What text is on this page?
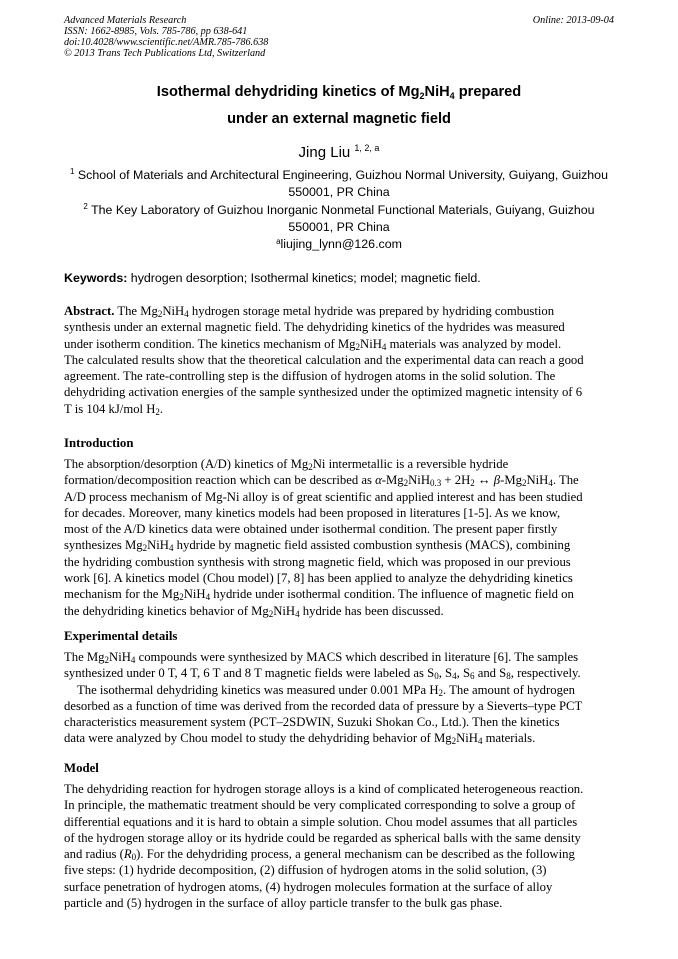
Advanced Materials Research
ISSN: 1662-8985, Vols. 785-786, pp 638-641
doi:10.4028/www.scientific.net/AMR.785-786.638
© 2013 Trans Tech Publications Ltd, Switzerland
Online: 2013-09-04
Isothermal dehydriding kinetics of $Mg_2NiH_4$ prepared
under an external magnetic field
Jing Liu $^{1, 2, a}$
$^1$ School of Materials and Architectural Engineering, Guizhou Normal University, Guiyang, Guizhou
550001, PR China
$^2$ The Key Laboratory of Guizhou Inorganic Nonmetal Functional Materials, Guiyang, Guizhou
550001, PR China
$^a$liujing_lynn@126.com
Keywords: hydrogen desorption; Isothermal kinetics; model; magnetic field.
Abstract. The $Mg_2NiH_4$ hydrogen storage metal hydride was prepared by hydriding combustion
synthesis under an external magnetic field. The dehydriding kinetics of the hydrides was measured
under isotherm condition. The kinetics mechanism of $Mg_2NiH_4$ materials was analyzed by model.
The calculated results show that the theoretical calculation and the experimental data can reach a good
agreement. The rate-controlling step is the diffusion of hydrogen atoms in the solid solution. The
dehydriding activation energies of the sample synthesized under the optimized magnetic intensity of 6
T is 104 kJ/mol $H_2$.
Introduction
The absorption/desorption (A/D) kinetics of $Mg_2Ni$ intermetallic is a reversible hydride
formation/decomposition reaction which can be described as $\alpha-Mg_2NiH_{0.3} + 2H_2$ ↔ $\beta-Mg_2NiH_4$. The
A/D process mechanism of Mg-Ni alloy is of great scientific and applied interest and has been studied
for decades. Moreover, many kinetics models had been proposed in literatures [1-5]. As we know,
most of the A/D kinetics data were obtained under isothermal condition. The present paper firstly
synthesizes $Mg_2NiH_4$ hydride by magnetic field assisted combustion synthesis (MACS), combining
the hydriding combustion synthesis with strong magnetic field, which was proposed in our previous
work [6]. A kinetics model (Chou model) [7, 8] has been applied to analyze the dehydriding kinetics
mechanism for the $Mg_2NiH_4$ hydride under isothermal condition. The influence of magnetic field on
the dehydriding kinetics behavior of $Mg_2NiH_4$ hydride has been discussed.
Experimental details
The $Mg_2NiH_4$ compounds were synthesized by MACS which described in literature [6]. The samples
synthesized under 0 T, 4 T, 6 T and 8 T magnetic fields were labeled as $S_0$, $S_4$, $S_6$ and $S_8$, respectively.
The isothermal dehydriding kinetics was measured under 0.001 MPa $H_2$. The amount of hydrogen
desorbed as a function of time was derived from the recorded data of pressure by a Sieverts–type PCT
characteristics measurement system (PCT–2SDWIN, Suzuki Shokan Co., Ltd.). Then the kinetics
data were analyzed by Chou model to study the dehydriding behavior of $Mg_2NiH_4$ materials.
Model
The dehydriding reaction for hydrogen storage alloys is a kind of complicated heterogeneous reaction.
In principle, the mathematic treatment should be very complicated corresponding to solve a group of
differential equations and it is hard to obtain a simple solution. Chou model assumes that all particles
of the hydrogen storage alloy or its hydride could be regarded as spherical balls with the same density
and radius $(R_0)$. For the dehydriding process, a general mechanism can be described as the following
five steps: (1) hydride decomposition, (2) diffusion of hydrogen atoms in the solid solution, (3)
surface penetration of hydrogen atoms, (4) hydrogen molecules formation at the surface of alloy
particle and (5) hydrogen in the surface of alloy particle transfer to the bulk gas phase.
